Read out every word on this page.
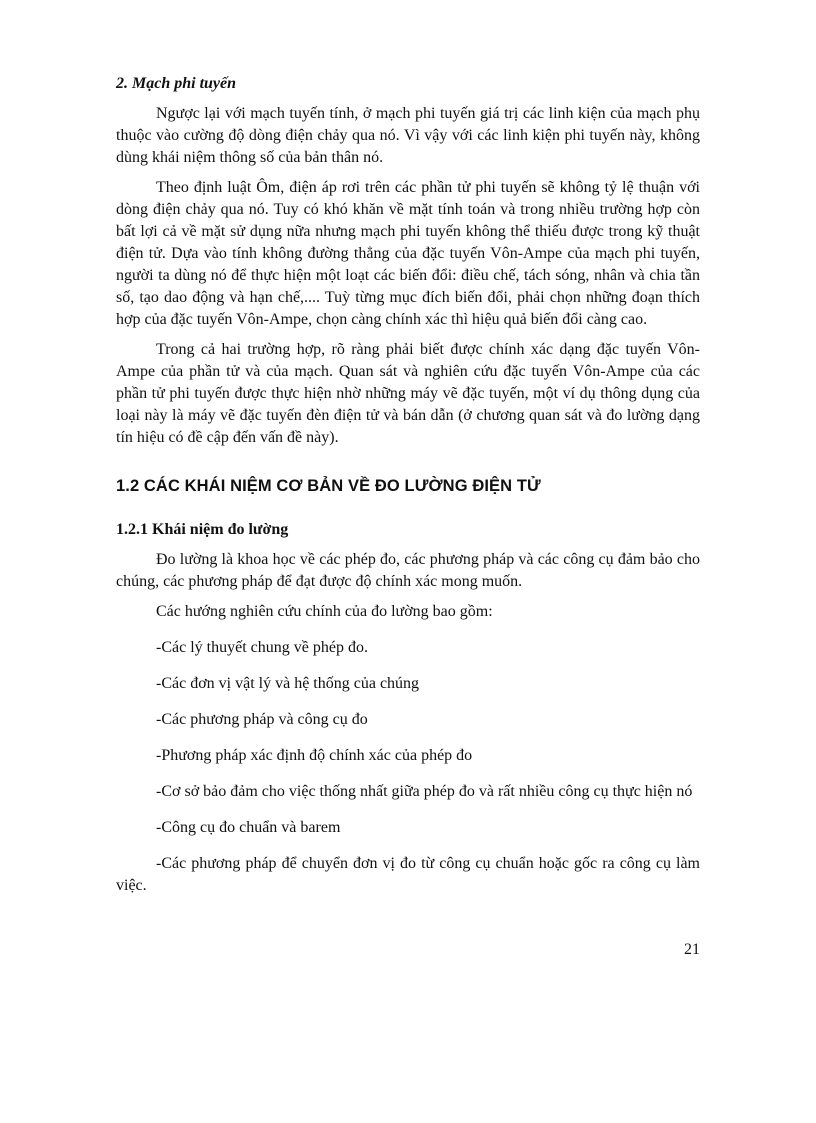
2. Mạch phi tuyến

Ngược lại với mạch tuyến tính, ở mạch phi tuyến giá trị các linh kiện của mạch phụ thuộc vào cường độ dòng điện chảy qua nó. Vì vậy với các linh kiện phi tuyến này, không dùng khái niệm thông số của bản thân nó.

Theo định luật Ôm, điện áp rơi trên các phần tử phi tuyến sẽ không tỷ lệ thuận với dòng điện chảy qua nó. Tuy có khó khăn về mặt tính toán và trong nhiều trường hợp còn bất lợi cả về mặt sử dụng nữa nhưng mạch phi tuyến không thể thiếu được trong kỹ thuật điện tử. Dựa vào tính không đường thẳng của đặc tuyến Vôn-Ampe của mạch phi tuyến, người ta dùng nó để thực hiện một loạt các biến đổi: điều chế, tách sóng, nhân và chia tần số, tạo dao động và hạn chế,.... Tuỳ từng mục đích biến đổi, phải chọn những đoạn thích hợp của đặc tuyến Vôn-Ampe, chọn càng chính xác thì hiệu quả biến đổi càng cao.

Trong cả hai trường hợp, rõ ràng phải biết được chính xác dạng đặc tuyến Vôn-Ampe của phần tử và của mạch. Quan sát và nghiên cứu đặc tuyến Vôn-Ampe của các phần tử phi tuyến được thực hiện nhờ những máy vẽ đặc tuyến, một ví dụ thông dụng của loại này là máy vẽ đặc tuyến đèn điện tử và bán dẫn (ở chương quan sát và đo lường dạng tín hiệu có đề cập đến vấn đề này).

1.2 CÁC KHÁI NIỆM CƠ BẢN VỀ ĐO LƯỜNG ĐIỆN TỬ
1.2.1 Khái niệm đo lường

Đo lường là khoa học về các phép đo, các phương pháp và các công cụ đảm bảo cho chúng, các phương pháp để đạt được độ chính xác mong muốn.

Các hướng nghiên cứu chính của đo lường bao gồm:

-Các lý thuyết chung về phép đo.
-Các đơn vị vật lý và hệ thống của chúng
-Các phương pháp và công cụ đo
-Phương pháp xác định độ chính xác của phép đo
-Cơ sở bảo đảm cho việc thống nhất giữa phép đo và rất nhiều công cụ thực hiện nó
-Công cụ đo chuẩn và barem
-Các phương pháp để chuyển đơn vị đo từ công cụ chuẩn hoặc gốc ra công cụ làm việc.
21
